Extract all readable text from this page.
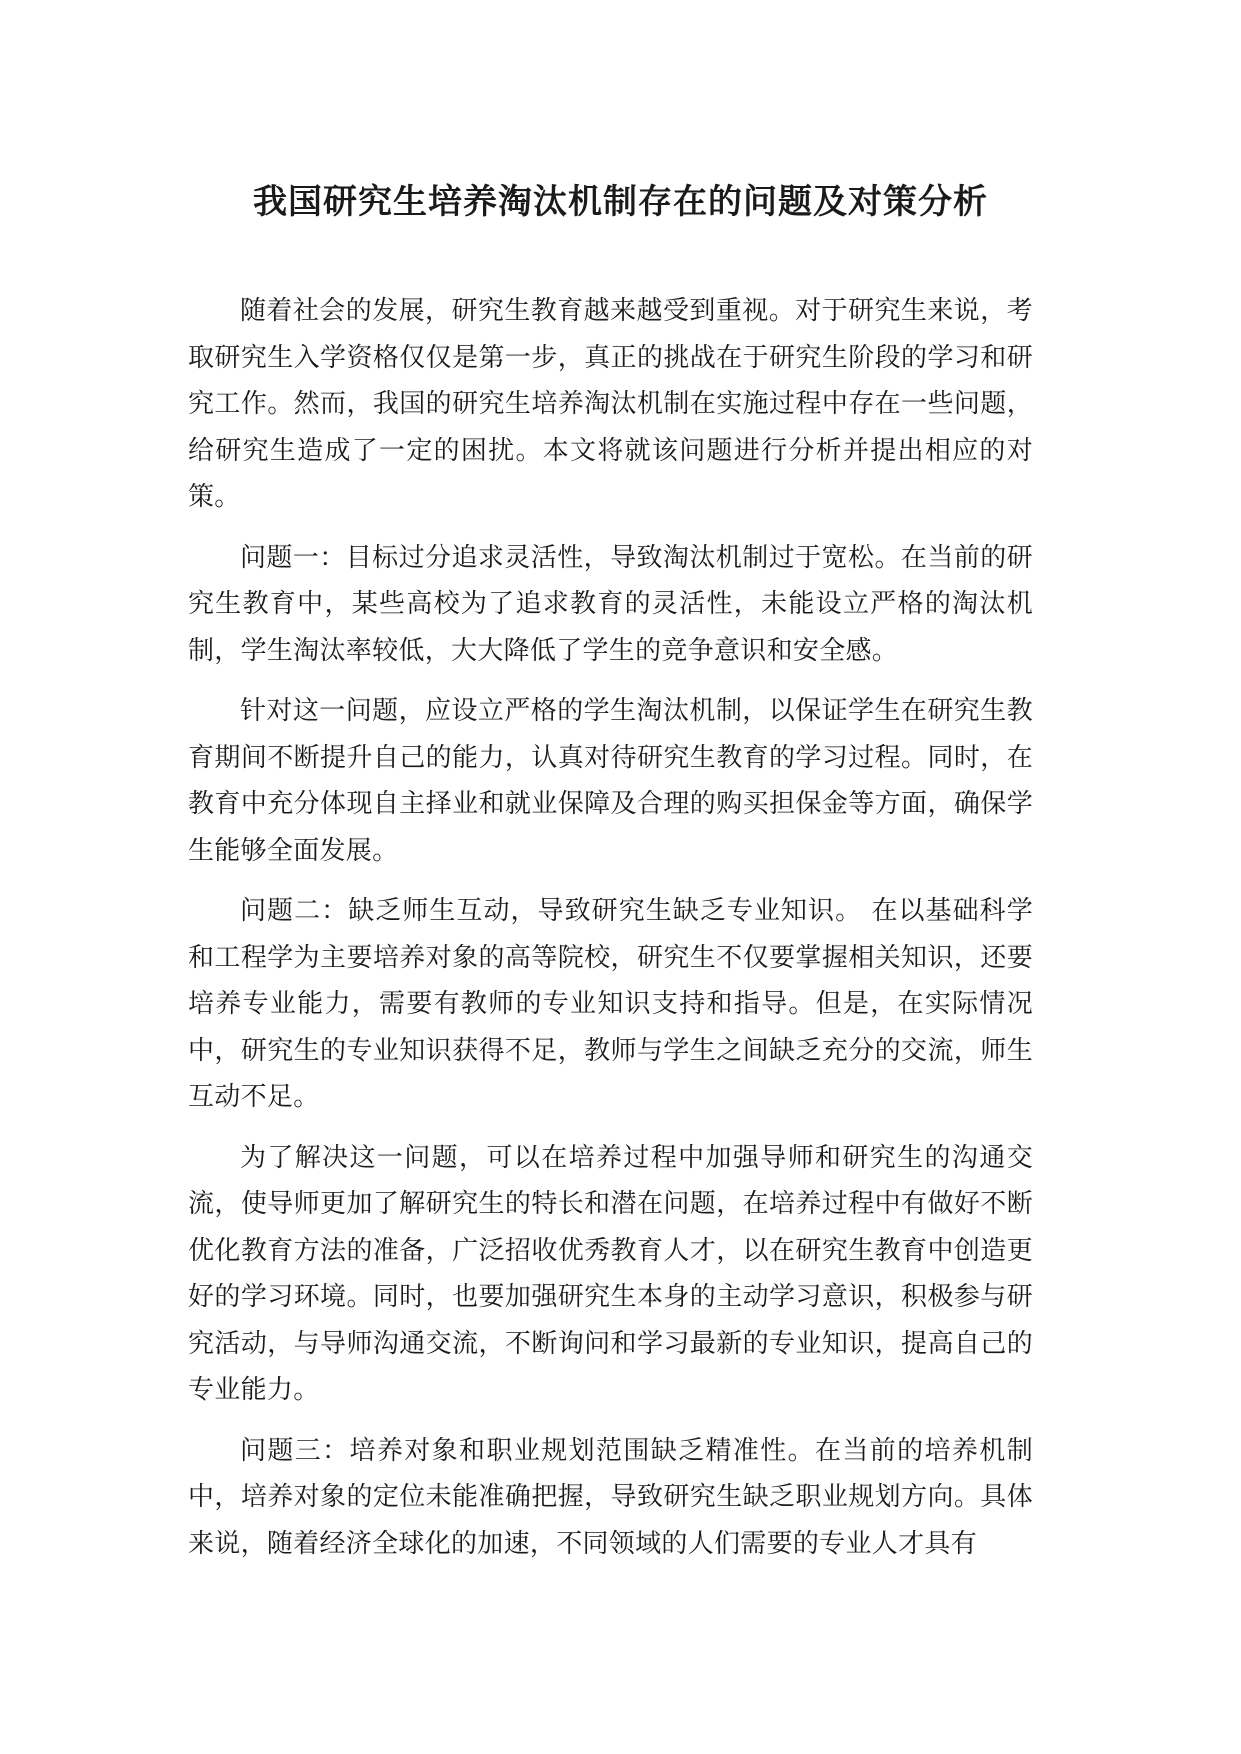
我国研究生培养淘汰机制存在的问题及对策分析

随着社会的发展，研究生教育越来越受到重视。对于研究生来说，考取研究生入学资格仅仅是第一步，真正的挑战在于研究生阶段的学习和研究工作。然而，我国的研究生培养淘汰机制在实施过程中存在一些问题，给研究生造成了一定的困扰。本文将就该问题进行分析并提出相应的对策。

问题一：目标过分追求灵活性，导致淘汰机制过于宽松。在当前的研究生教育中，某些高校为了追求教育的灵活性，未能设立严格的淘汰机制，学生淘汰率较低，大大降低了学生的竞争意识和安全感。

针对这一问题，应设立严格的学生淘汰机制，以保证学生在研究生教育期间不断提升自己的能力，认真对待研究生教育的学习过程。同时，在教育中充分体现自主择业和就业保障及合理的购买担保金等方面，确保学生能够全面发展。

问题二：缺乏师生互动，导致研究生缺乏专业知识。 在以基础科学和工程学为主要培养对象的高等院校，研究生不仅要掌握相关知识，还要培养专业能力，需要有教师的专业知识支持和指导。但是，在实际情况中，研究生的专业知识获得不足，教师与学生之间缺乏充分的交流，师生互动不足。

为了解决这一问题，可以在培养过程中加强导师和研究生的沟通交流，使导师更加了解研究生的特长和潜在问题，在培养过程中有做好不断优化教育方法的准备，广泛招收优秀教育人才，以在研究生教育中创造更好的学习环境。同时，也要加强研究生本身的主动学习意识，积极参与研究活动，与导师沟通交流，不断询问和学习最新的专业知识，提高自己的专业能力。

问题三：培养对象和职业规划范围缺乏精准性。在当前的培养机制中，培养对象的定位未能准确把握，导致研究生缺乏职业规划方向。具体来说，随着经济全球化的加速，不同领域的人们需要的专业人才具有
